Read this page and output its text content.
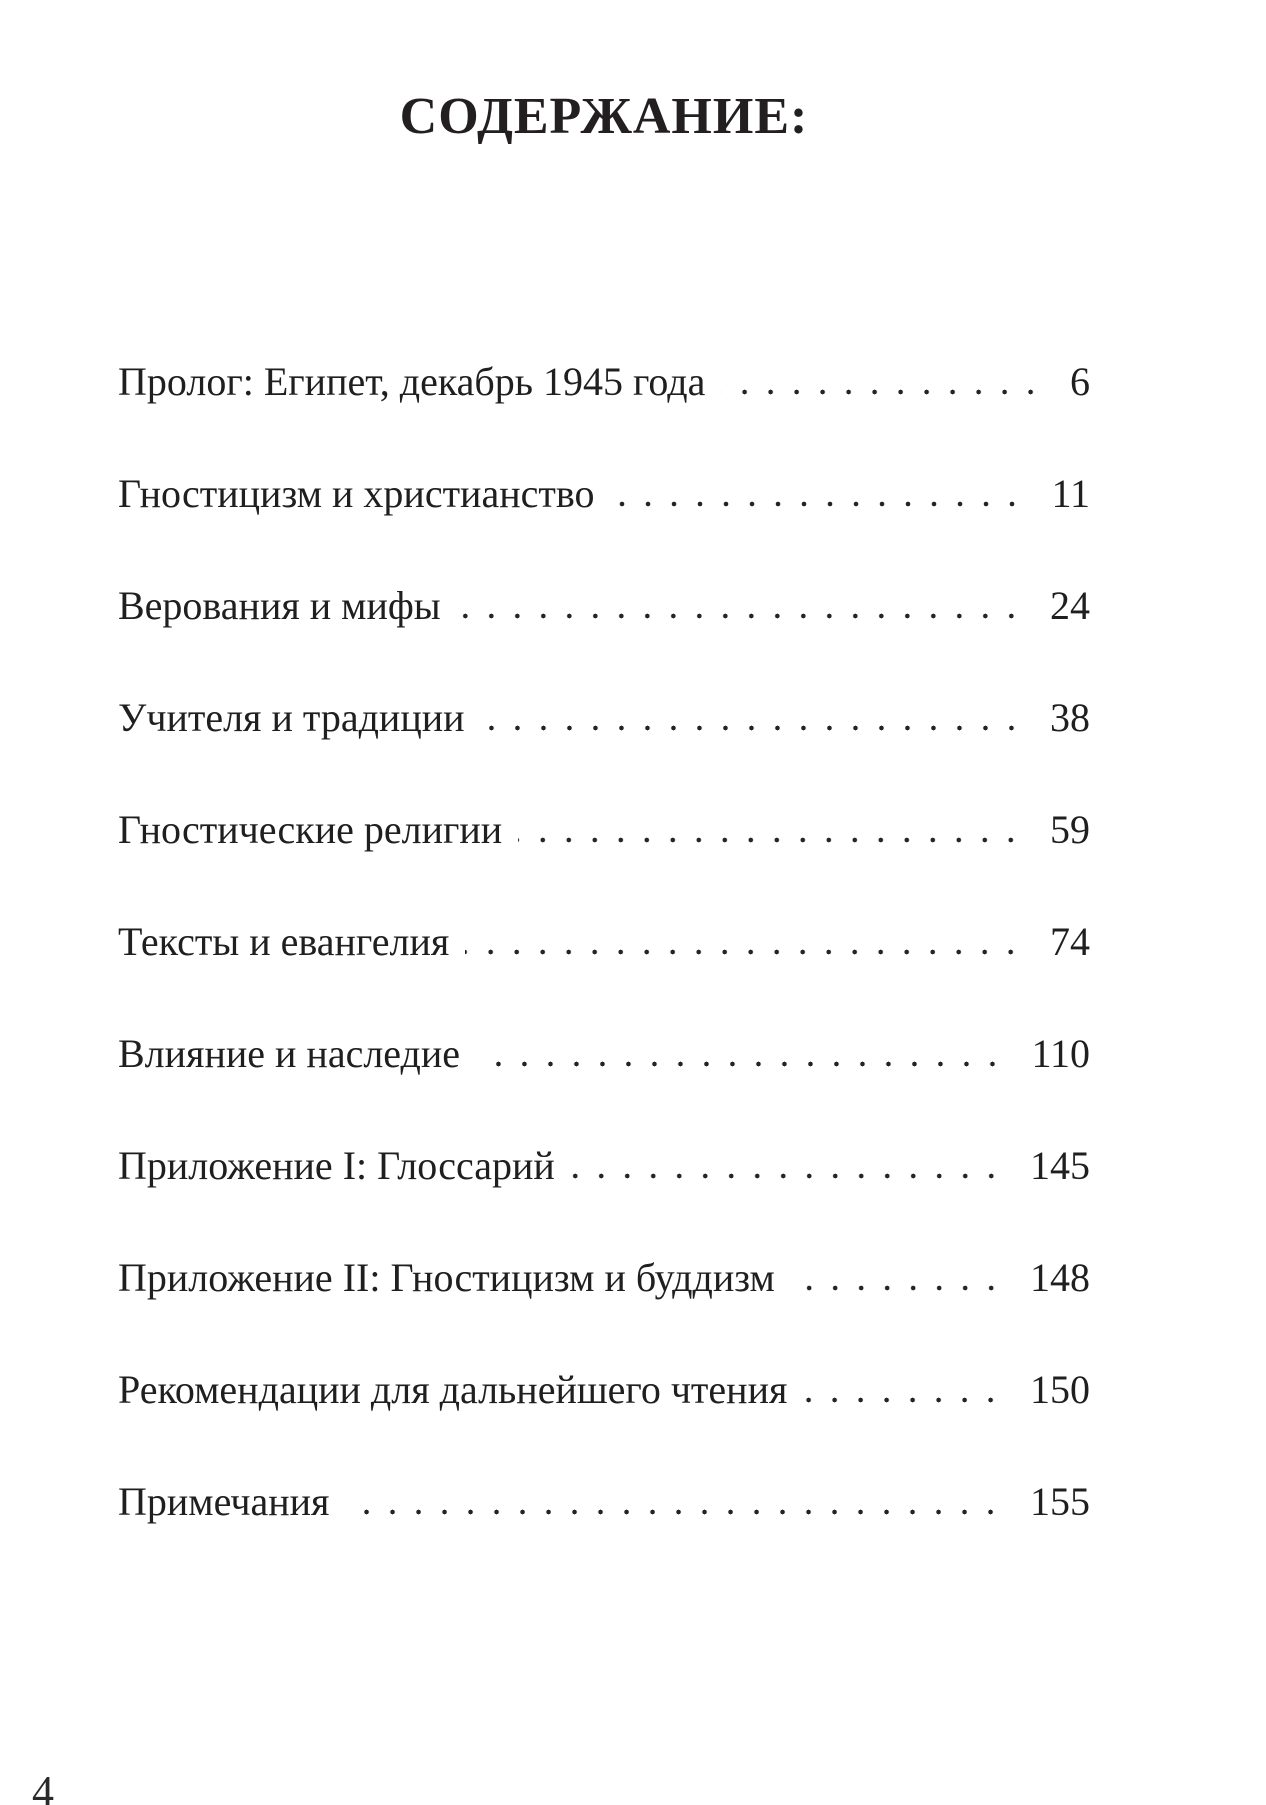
СОДЕРЖАНИЕ:
Пролог: Египет, декабрь 1945 года	6
Гностицизм и христианство	11
Верования и мифы	24
Учителя и традиции	38
Гностические религии	59
Тексты и евангелия	74
Влияние и наследие	110
Приложение I: Глоссарий	145
Приложение II: Гностицизм и буддизм	148
Рекомендации для дальнейшего чтения	150
Примечания	155
4
